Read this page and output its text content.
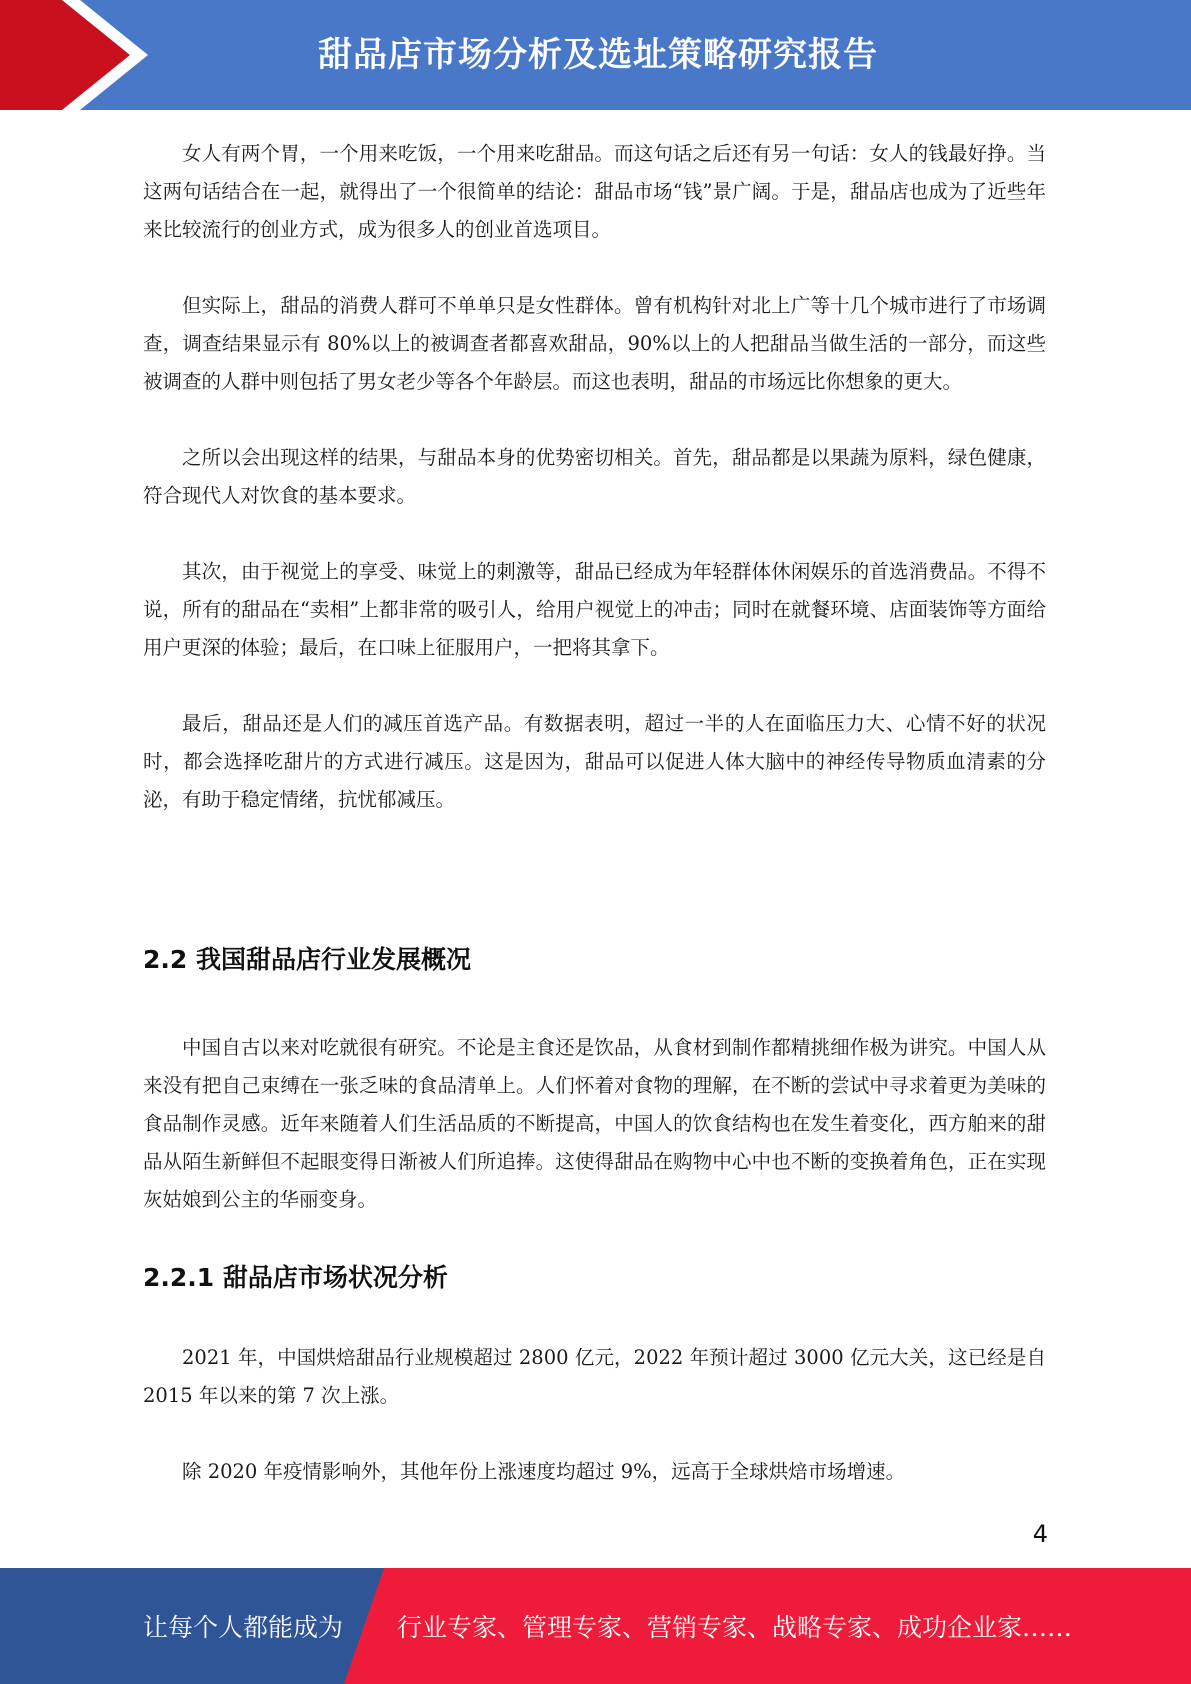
甜品店市场分析及选址策略研究报告

女人有两个胃，一个用来吃饭，一个用来吃甜品。而这句话之后还有另一句话：女人的钱最好挣。当这两句话结合在一起，就得出了一个很简单的结论：甜品市场“钱”景广阔。于是，甜品店也成为了近些年来比较流行的创业方式，成为很多人的创业首选项目。

但实际上，甜品的消费人群可不单单只是女性群体。曾有机构针对北上广等十几个城市进行了市场调查，调查结果显示有 80%以上的被调查者都喜欢甜品，90%以上的人把甜品当做生活的一部分，而这些被调查的人群中则包括了男女老少等各个年龄层。而这也表明，甜品的市场远比你想象的更大。

之所以会出现这样的结果，与甜品本身的优势密切相关。首先，甜品都是以果蔬为原料，绿色健康，符合现代人对饮食的基本要求。

其次，由于视觉上的享受、味觉上的刺激等，甜品已经成为年轻群体休闲娱乐的首选消费品。不得不说，所有的甜品在“卖相”上都非常的吸引人，给用户视觉上的冲击；同时在就餐环境、店面装饰等方面给用户更深的体验；最后，在口味上征服用户，一把将其拿下。

最后，甜品还是人们的减压首选产品。有数据表明，超过一半的人在面临压力大、心情不好的状况时，都会选择吃甜片的方式进行减压。这是因为，甜品可以促进人体大脑中的神经传导物质血清素的分泌，有助于稳定情绪，抗忧郁减压。

2.2 我国甜品店行业发展概况

中国自古以来对吃就很有研究。不论是主食还是饮品，从食材到制作都精挑细作极为讲究。中国人从来没有把自己束缚在一张乏味的食品清单上。人们怀着对食物的理解，在不断的尝试中寻求着更为美味的食品制作灵感。近年来随着人们生活品质的不断提高，中国人的饮食结构也在发生着变化，西方舶来的甜品从陌生新鲜但不起眼变得日渐被人们所追捧。这使得甜品在购物中心中也不断的变换着角色，正在实现灰姑娘到公主的华丽变身。

2.2.1 甜品店市场状况分析

2021 年，中国烘焙甜品行业规模超过 2800 亿元，2022 年预计超过 3000 亿元大关，这已经是自 2015 年以来的第 7 次上涨。

除 2020 年疫情影响外，其他年份上涨速度均超过 9%，远高于全球烘焙市场增速。

4
让每个人都能成为 行业专家、管理专家、营销专家、战略专家、成功企业家……
